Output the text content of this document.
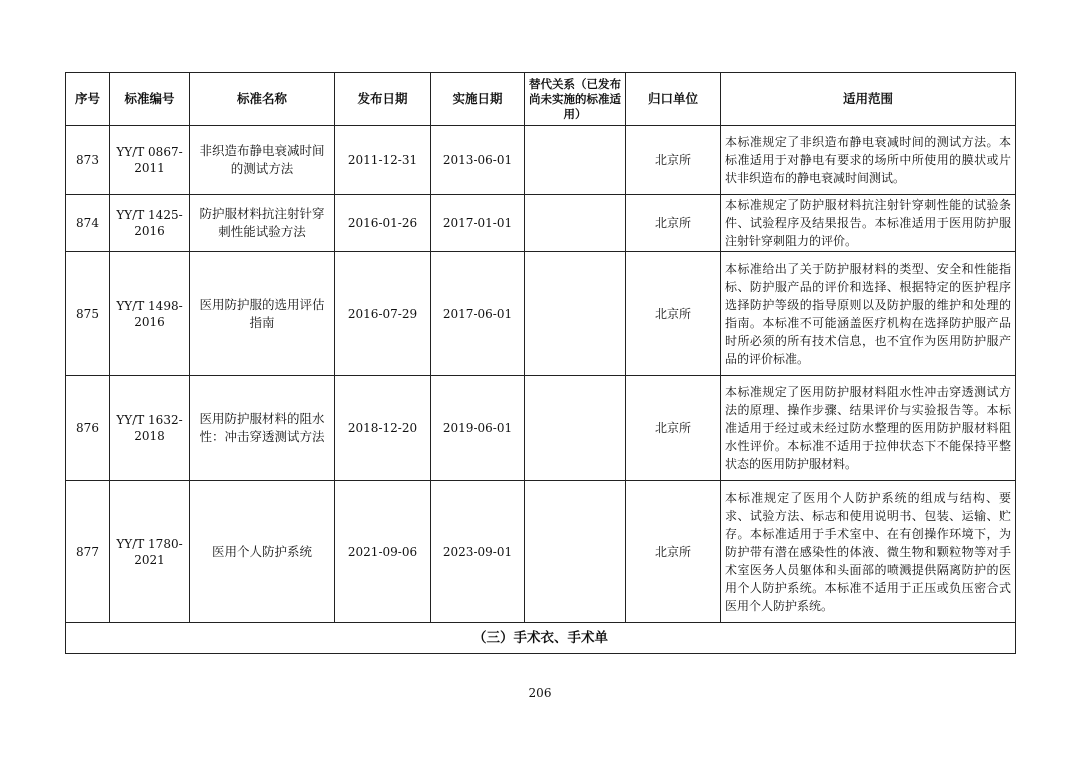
序号	标准编号	标准名称	发布日期	实施日期	替代关系（已发布尚未实施的标准适用）	归口单位	适用范围
873	YY/T 0867-2011	非织造布静电衰减时间的测试方法	2011-12-31	2013-06-01		北京所	本标准规定了非织造布静电衰减时间的测试方法。本标准适用于对静电有要求的场所中所使用的膜状或片状非织造布的静电衰减时间测试。
874	YY/T 1425-2016	防护服材料抗注射针穿刺性能试验方法	2016-01-26	2017-01-01		北京所	本标准规定了防护服材料抗注射针穿刺性能的试验条件、试验程序及结果报告。本标准适用于医用防护服注射针穿刺阻力的评价。
875	YY/T 1498-2016	医用防护服的选用评估指南	2016-07-29	2017-06-01		北京所	本标准给出了关于防护服材料的类型、安全和性能指标、防护服产品的评价和选择、根据特定的医护程序选择防护等级的指导原则以及防护服的维护和处理的指南。本标准不可能涵盖医疗机构在选择防护服产品时所必须的所有技术信息，也不宜作为医用防护服产品的评价标准。
876	YY/T 1632-2018	医用防护服材料的阻水性：冲击穿透测试方法	2018-12-20	2019-06-01		北京所	本标准规定了医用防护服材料阻水性冲击穿透测试方法的原理、操作步骤、结果评价与实验报告等。本标准适用于经过或未经过防水整理的医用防护服材料阻水性评价。本标准不适用于拉伸状态下不能保持平整状态的医用防护服材料。
877	YY/T 1780-2021	医用个人防护系统	2021-09-06	2023-09-01		北京所	本标准规定了医用个人防护系统的组成与结构、要求、试验方法、标志和使用说明书、包装、运输、贮存。本标准适用于手术室中、在有创操作环境下，为防护带有潜在感染性的体液、微生物和颗粒物等对手术室医务人员躯体和头面部的喷溅提供隔离防护的医用个人防护系统。本标准不适用于正压或负压密合式医用个人防护系统。
（三）手术衣、手术单							
206
